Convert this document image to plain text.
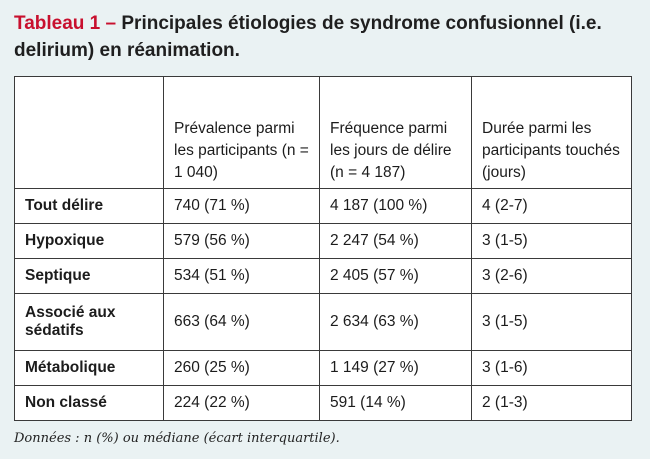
Tableau 1 – Principales étiologies de syndrome confusionnel (i.e. delirium) en réanimation.
	Prévalence parmi les participants (n = 1 040)	Fréquence parmi les jours de délire (n = 4 187)	Durée parmi les participants touchés (jours)
Tout délire	740 (71 %)	4 187 (100 %)	4 (2-7)
Hypoxique	579 (56 %)	2 247 (54 %)	3 (1-5)
Septique	534 (51 %)	2 405 (57 %)	3 (2-6)
Associé aux sédatifs	663 (64 %)	2 634 (63 %)	3 (1-5)
Métabolique	260 (25 %)	1 149 (27 %)	3 (1-6)
Non classé	224 (22 %)	591 (14 %)	2 (1-3)
Données : n (%) ou médiane (écart interquartile).
